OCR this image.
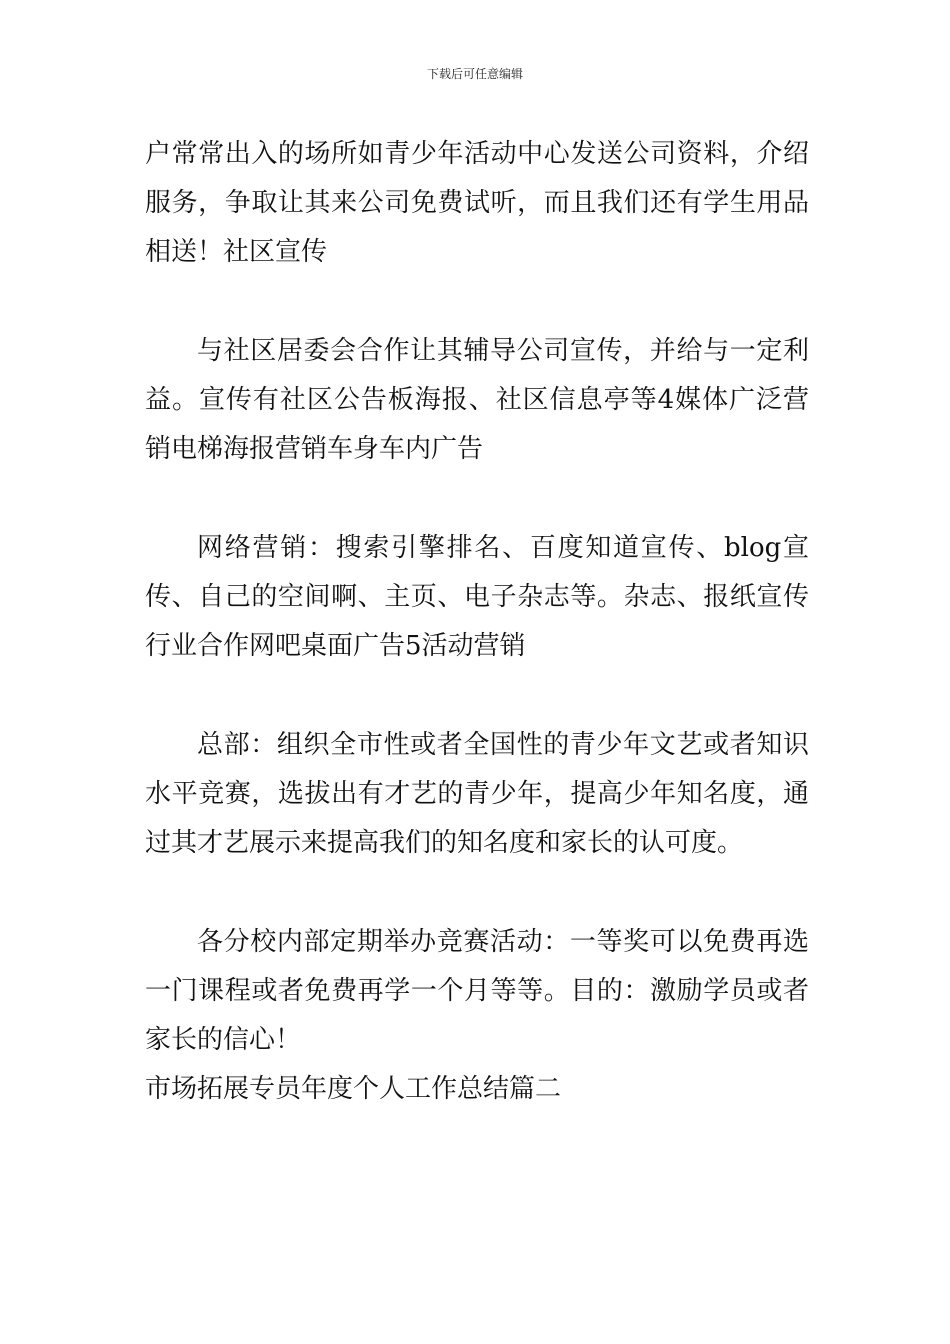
下载后可任意编辑

户常常出入的场所如青少年活动中心发送公司资料，介绍服务，争取让其来公司免费试听，而且我们还有学生用品相送！社区宣传

与社区居委会合作让其辅导公司宣传，并给与一定利益。宣传有社区公告板海报、社区信息亭等4媒体广泛营销电梯海报营销车身车内广告

网络营销：搜索引擎排名、百度知道宣传、blog宣传、自己的空间啊、主页、电子杂志等。杂志、报纸宣传行业合作网吧桌面广告5活动营销

总部：组织全市性或者全国性的青少年文艺或者知识水平竞赛，选拔出有才艺的青少年，提高少年知名度，通过其才艺展示来提高我们的知名度和家长的认可度。

各分校内部定期举办竞赛活动：一等奖可以免费再选一门课程或者免费再学一个月等等。目的：激励学员或者家长的信心！

市场拓展专员年度个人工作总结篇二
